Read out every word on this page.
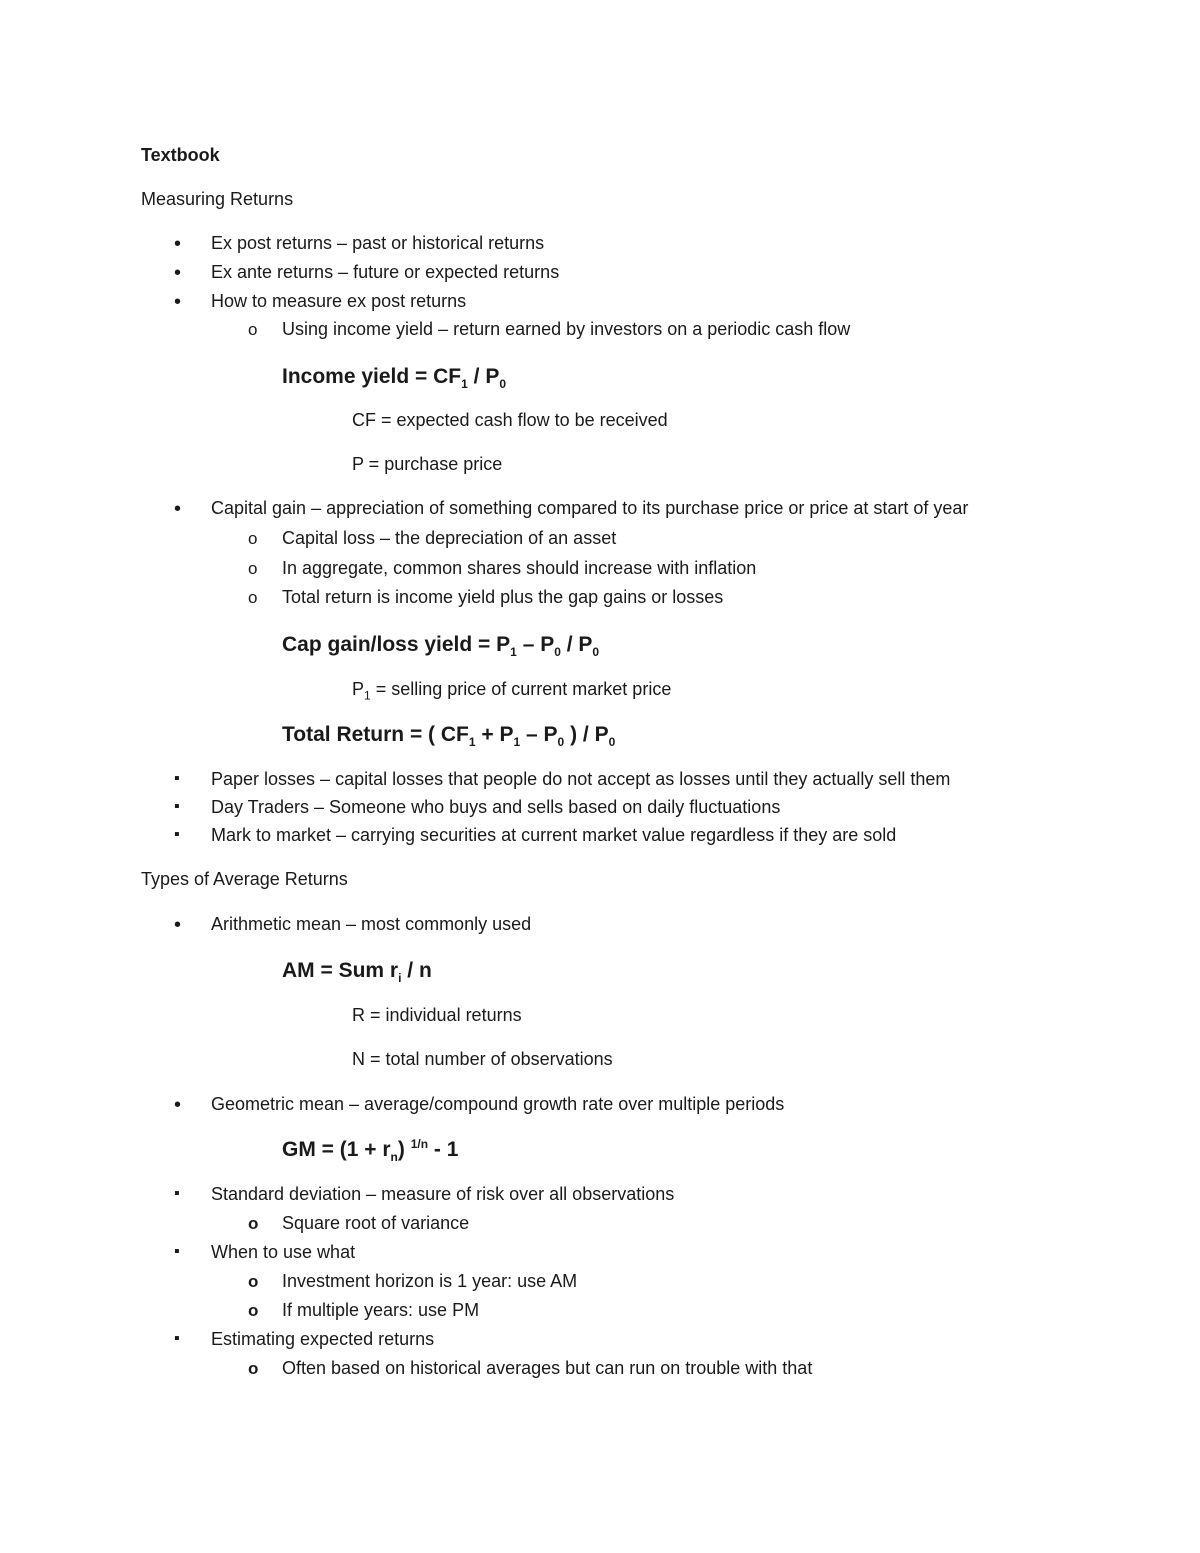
Textbook
Measuring Returns
• Ex post returns – past or historical returns
• Ex ante returns – future or expected returns
• How to measure ex post returns
o Using income yield – return earned by investors on a periodic cash flow
Income yield = $CF_1 / P_0$
CF = expected cash flow to be received
P = purchase price
• Capital gain – appreciation of something compared to its purchase price or price at start of year
o Capital loss – the depreciation of an asset
o In aggregate, common shares should increase with inflation
o Total return is income yield plus the gap gains or losses
Cap gain/loss yield = $P_1 - P_0 / P_0$
$P_1$ = selling price of current market price
Total Return = ( $CF_1 + P_1 - P_0$ ) / $P_0$
▪ Paper losses – capital losses that people do not accept as losses until they actually sell them
▪ Day Traders – Someone who buys and sells based on daily fluctuations
▪ Mark to market – carrying securities at current market value regardless if they are sold
Types of Average Returns
• Arithmetic mean – most commonly used
AM = Sum $r_i$ / n
R = individual returns
N = total number of observations
• Geometric mean – average/compound growth rate over multiple periods
GM = $(1 + r_n)$ $^{1/n}$ - 1
▪ Standard deviation – measure of risk over all observations
o Square root of variance
▪ When to use what
o Investment horizon is 1 year: use AM
o If multiple years: use PM
▪ Estimating expected returns
o Often based on historical averages but can run on trouble with that
